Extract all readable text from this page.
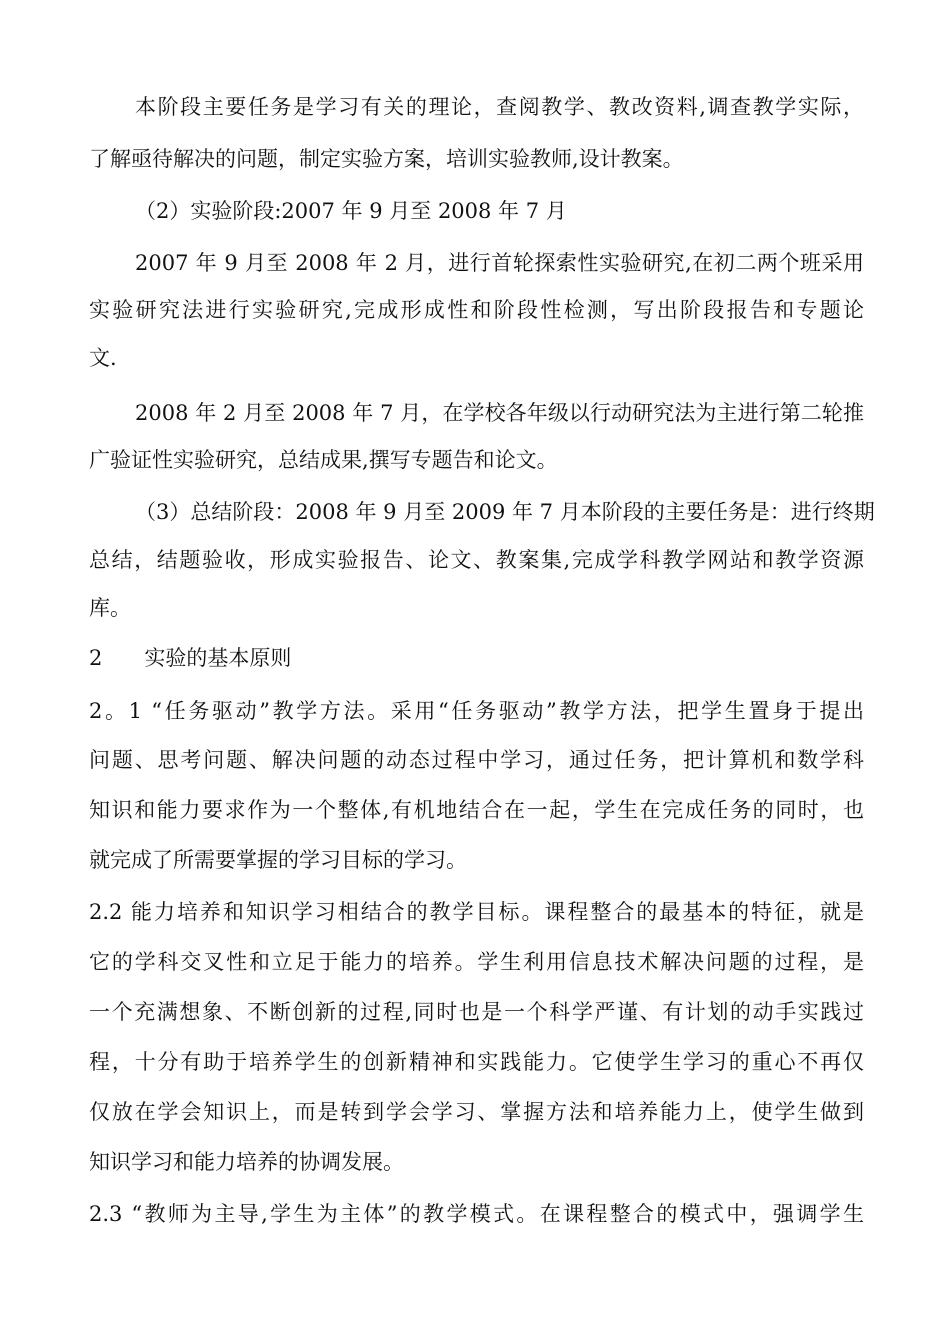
本阶段主要任务是学习有关的理论，查阅教学、教改资料,调查教学实际，
了解亟待解决的问题，制定实验方案，培训实验教师,设计教案。
（2）实验阶段:2007 年 9 月至 2008 年 7 月
2007 年 9 月至 2008 年 2 月，进行首轮探索性实验研究,在初二两个班采用
实验研究法进行实验研究,完成形成性和阶段性检测，写出阶段报告和专题论
文.
2008 年 2 月至 2008 年 7 月，在学校各年级以行动研究法为主进行第二轮推
广验证性实验研究，总结成果,撰写专题告和论文。
（3）总结阶段：2008 年 9 月至 2009 年 7 月本阶段的主要任务是：进行终期
总结，结题验收，形成实验报告、论文、教案集,完成学科教学网站和教学资源
库。
2　　实验的基本原则
2。1 “任务驱动”教学方法。采用“任务驱动”教学方法，把学生置身于提出
问题、思考问题、解决问题的动态过程中学习，通过任务，把计算机和数学科
知识和能力要求作为一个整体,有机地结合在一起，学生在完成任务的同时，也
就完成了所需要掌握的学习目标的学习。
2.2 能力培养和知识学习相结合的教学目标。课程整合的最基本的特征，就是
它的学科交叉性和立足于能力的培养。学生利用信息技术解决问题的过程，是
一个充满想象、不断创新的过程,同时也是一个科学严谨、有计划的动手实践过
程，十分有助于培养学生的创新精神和实践能力。它使学生学习的重心不再仅
仅放在学会知识上，而是转到学会学习、掌握方法和培养能力上，使学生做到
知识学习和能力培养的协调发展。
2.3 “教师为主导,学生为主体”的教学模式。在课程整合的模式中，强调学生
